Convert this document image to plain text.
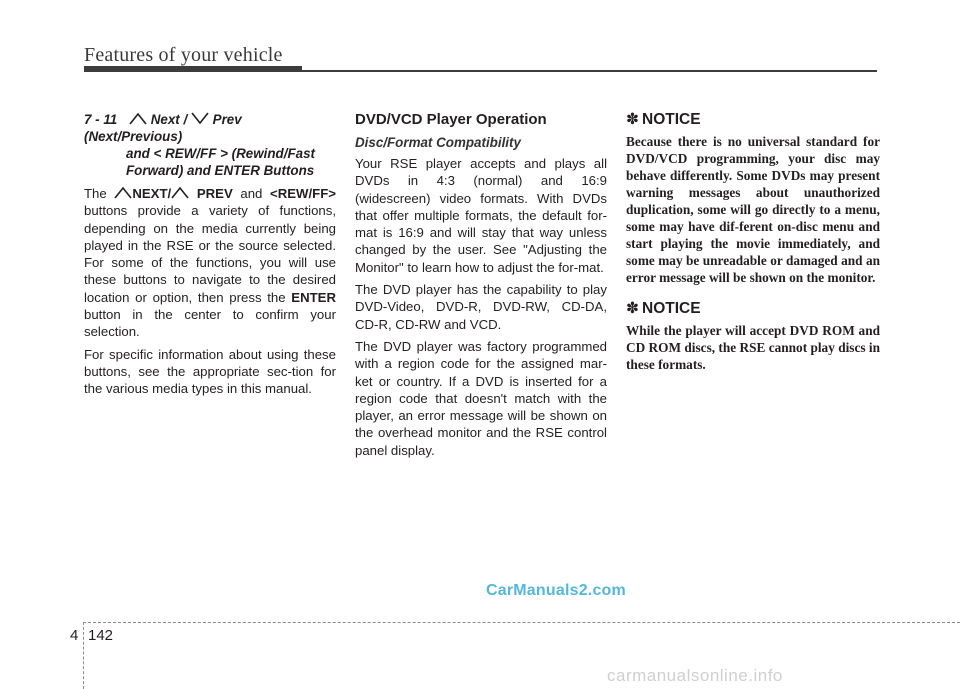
Features of your vehicle
7 - 11 Next / Prev (Next/Previous)
and < REW/FF > (Rewind/Fast
Forward) and ENTER Buttons

The NEXT/ PREV and <REW/FF> buttons provide a variety of functions, depending on the media currently being played in the RSE or the source selected. For some of the functions, you will use these buttons to navigate to the desired location or option, then press the ENTER button in the center to confirm your selection.

For specific information about using these buttons, see the appropriate sec-tion for the various media types in this manual.

DVD/VCD Player Operation
Disc/Format Compatibility

Your RSE player accepts and plays all DVDs in 4:3 (normal) and 16:9 (widescreen) video formats. With DVDs that offer multiple formats, the default for-mat is 16:9 and will stay that way unless changed by the user. See "Adjusting the Monitor" to learn how to adjust the for-mat.

The DVD player has the capability to play DVD-Video, DVD-R, DVD-RW, CD-DA, CD-R, CD-RW and VCD.

The DVD player was factory programmed with a region code for the assigned mar-ket or country. If a DVD is inserted for a region code that doesn't match with the player, an error message will be shown on the overhead monitor and the RSE control panel display.

✽ NOTICE
Because there is no universal standard for DVD/VCD programming, your disc may behave differently. Some DVDs may present warning messages about unauthorized duplication, some will go directly to a menu, some may have dif-ferent on-disc menu and start playing the movie immediately, and some may be unreadable or damaged and an error message will be shown on the monitor.
✽ NOTICE
While the player will accept DVD ROM and CD ROM discs, the RSE cannot play discs in these formats.
CarManuals2.com
4 142
carmanualsonline.info
